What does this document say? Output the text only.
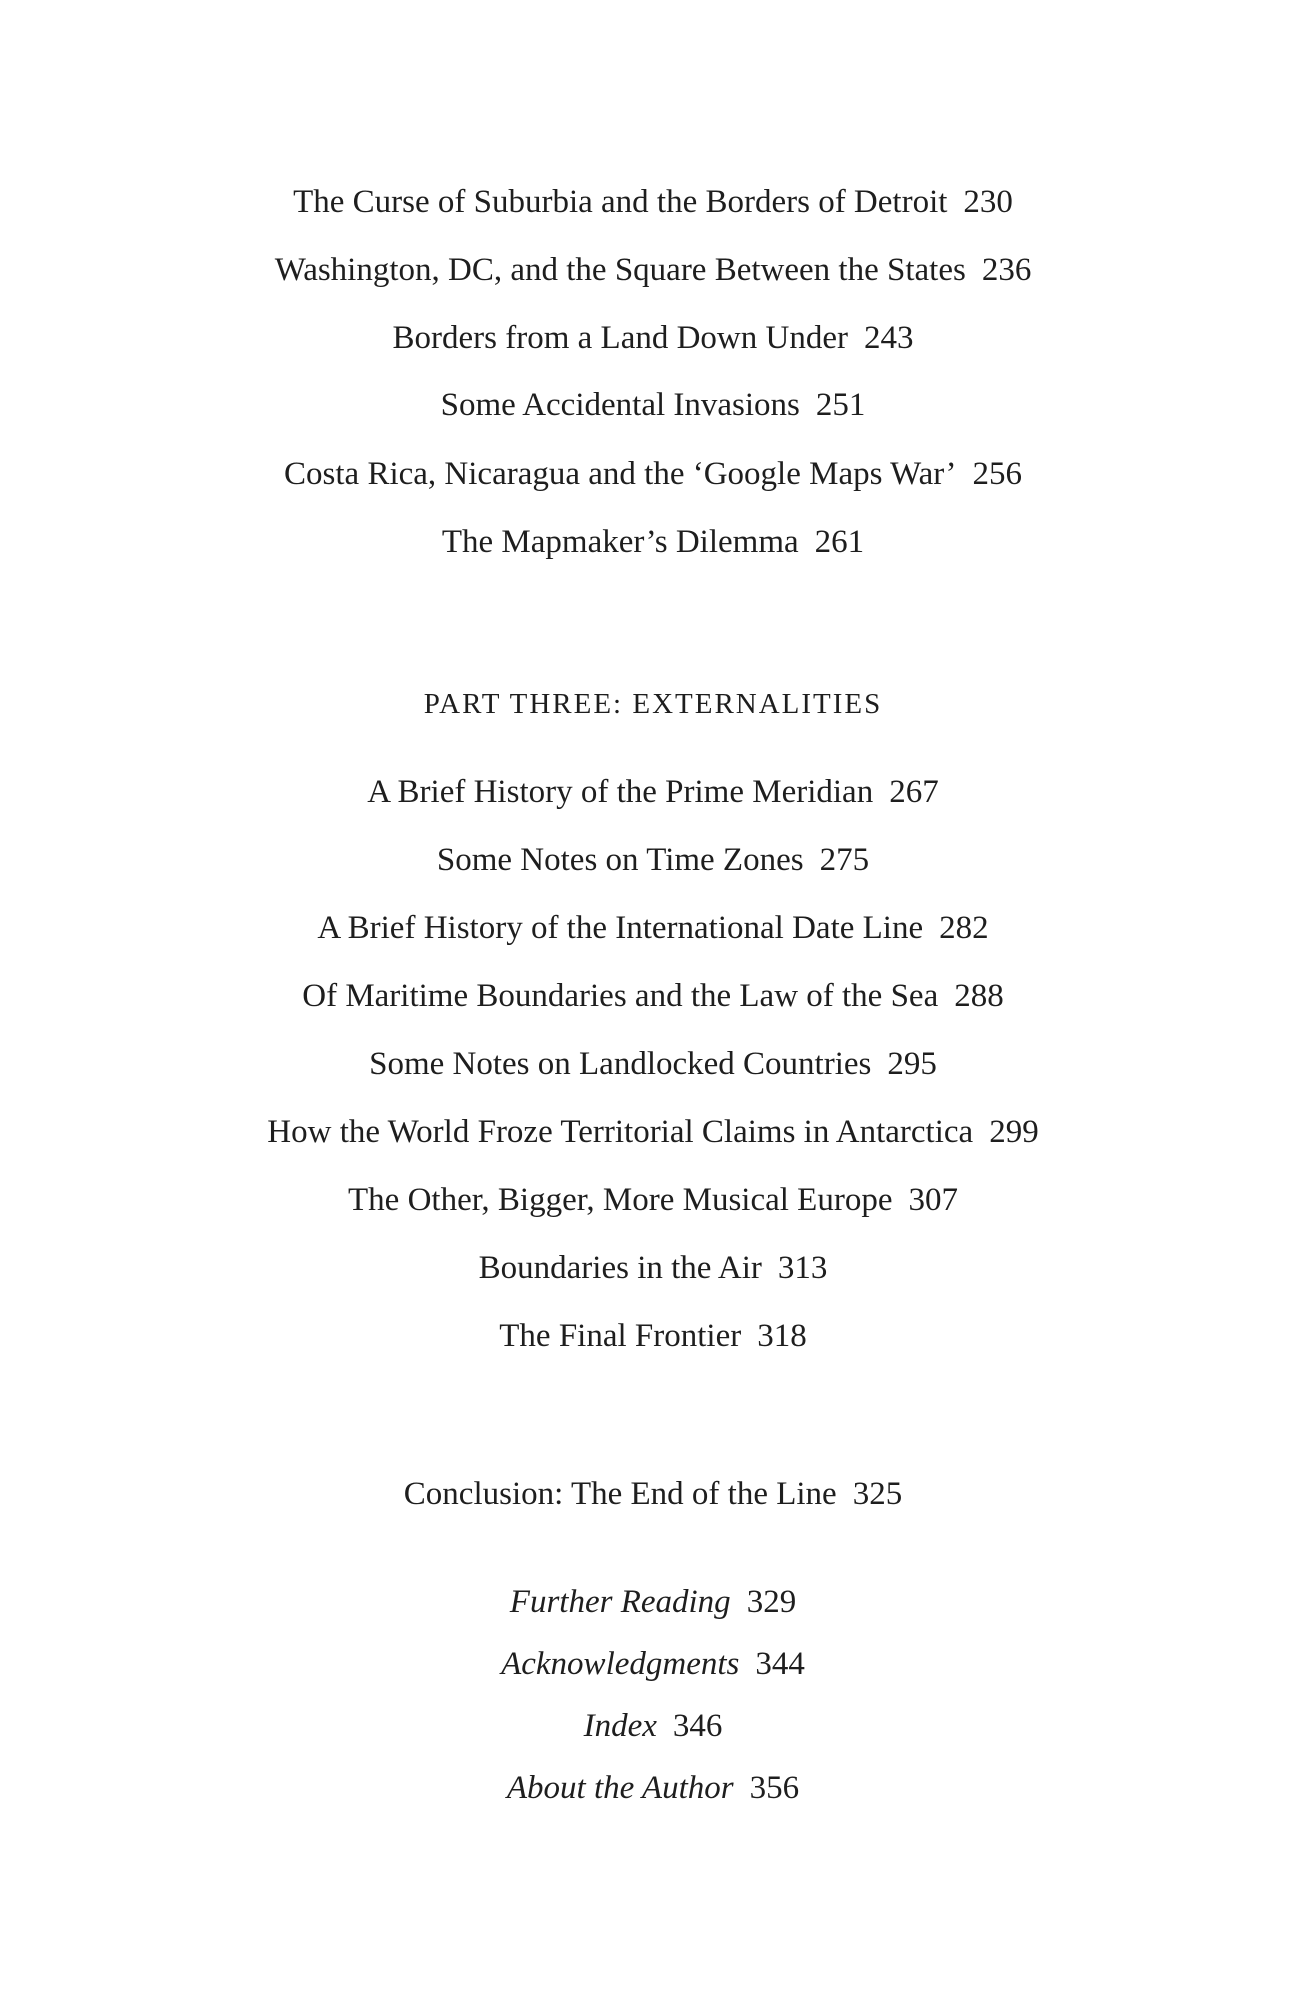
The Curse of Suburbia and the Borders of Detroit 230
Washington, DC, and the Square Between the States 236
Borders from a Land Down Under 243
Some Accidental Invasions 251
Costa Rica, Nicaragua and the ‘Google Maps War’ 256
The Mapmaker’s Dilemma 261
PART THREE: EXTERNALITIES
A Brief History of the Prime Meridian 267
Some Notes on Time Zones 275
A Brief History of the International Date Line 282
Of Maritime Boundaries and the Law of the Sea 288
Some Notes on Landlocked Countries 295
How the World Froze Territorial Claims in Antarctica 299
The Other, Bigger, More Musical Europe 307
Boundaries in the Air 313
The Final Frontier 318
Conclusion: The End of the Line 325
Further Reading 329
Acknowledgments 344
Index 346
About the Author 356
